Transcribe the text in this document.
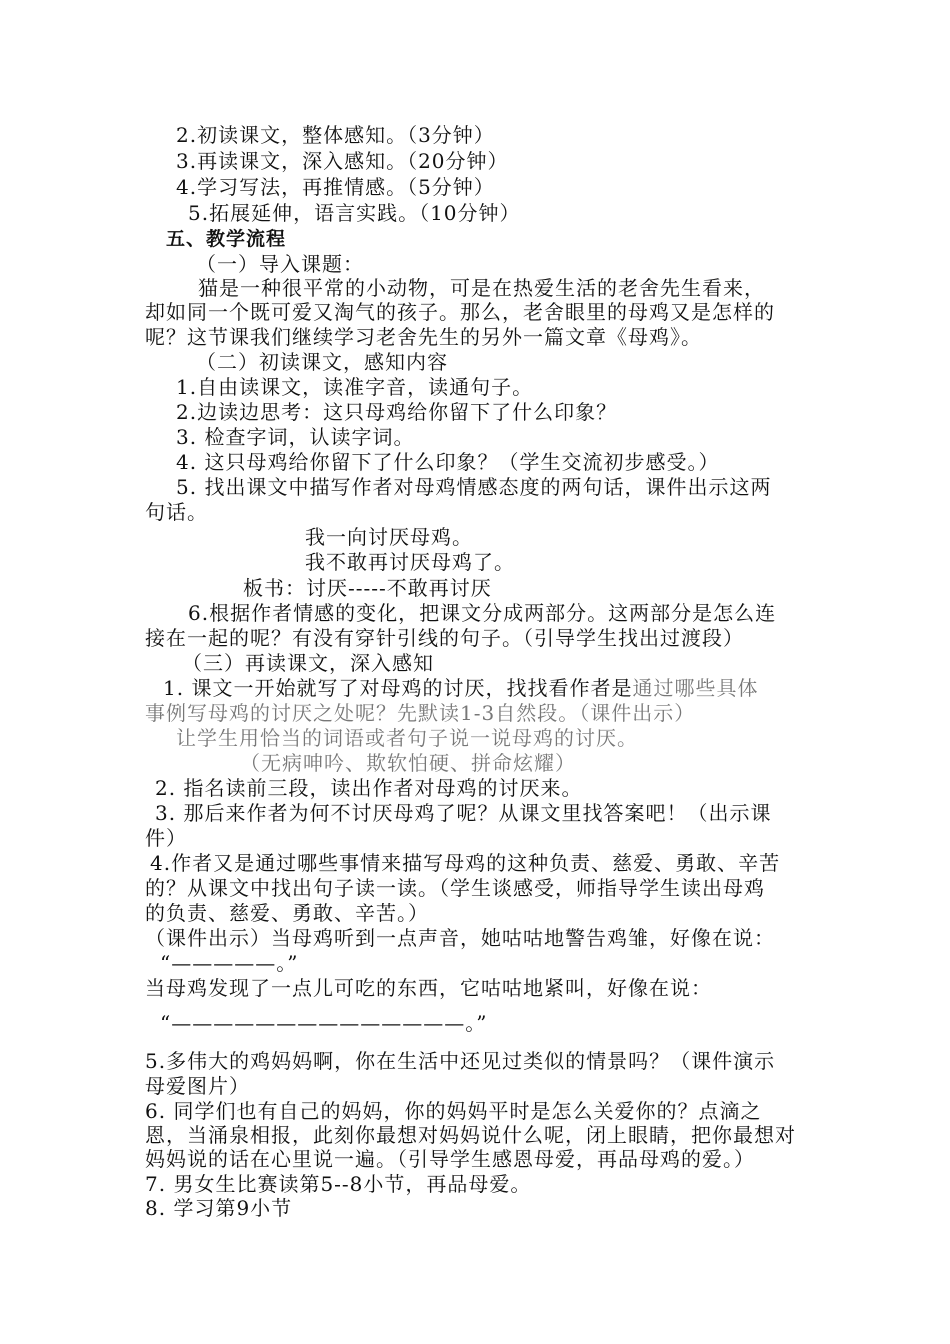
2.初读课文，整体感知。（3分钟）
3.再读课文，深入感知。（20分钟）
4.学习写法，再推情感。（5分钟）
5.拓展延伸，语言实践。（10分钟）
五、教学流程
（一）导入课题：
猫是一种很平常的小动物，可是在热爱生活的老舍先生看来，
却如同一个既可爱又淘气的孩子。那么，老舍眼里的母鸡又是怎样的
呢？这节课我们继续学习老舍先生的另外一篇文章《母鸡》。
（二）初读课文，感知内容
1.自由读课文，读准字音，读通句子。
2.边读边思考：这只母鸡给你留下了什么印象？
3. 检查字词，认读字词。
4. 这只母鸡给你留下了什么印象？（学生交流初步感受。）
5. 找出课文中描写作者对母鸡情感态度的两句话，课件出示这两
句话。
我一向讨厌母鸡。
我不敢再讨厌母鸡了。
板书：讨厌-----不敢再讨厌
6.根据作者情感的变化，把课文分成两部分。这两部分是怎么连
接在一起的呢？有没有穿针引线的句子。（引导学生找出过渡段）
（三）再读课文，深入感知
1. 课文一开始就写了对母鸡的讨厌，找找看作者是通过哪些具体
事例写母鸡的讨厌之处呢？先默读1-3自然段。（课件出示）
让学生用恰当的词语或者句子说一说母鸡的讨厌。
（无病呻吟、欺软怕硬、拼命炫耀）
2. 指名读前三段，读出作者对母鸡的讨厌来。
3. 那后来作者为何不讨厌母鸡了呢？从课文里找答案吧！（出示课
件）
4.作者又是通过哪些事情来描写母鸡的这种负责、慈爱、勇敢、辛苦
的？从课文中找出句子读一读。（学生谈感受，师指导学生读出母鸡
的负责、慈爱、勇敢、辛苦。）
（课件出示）当母鸡听到一点声音，她咕咕地警告鸡雏，好像在说：
“—————。”
当母鸡发现了一点儿可吃的东西，它咕咕地紧叫，好像在说：
“——————————————。”
5.多伟大的鸡妈妈啊，你在生活中还见过类似的情景吗？（课件演示
母爱图片）
6. 同学们也有自己的妈妈，你的妈妈平时是怎么关爱你的？点滴之
恩，当涌泉相报，此刻你最想对妈妈说什么呢，闭上眼睛，把你最想对
妈妈说的话在心里说一遍。（引导学生感恩母爱，再品母鸡的爱。）
7. 男女生比赛读第5--8小节，再品母爱。
8. 学习第9小节
